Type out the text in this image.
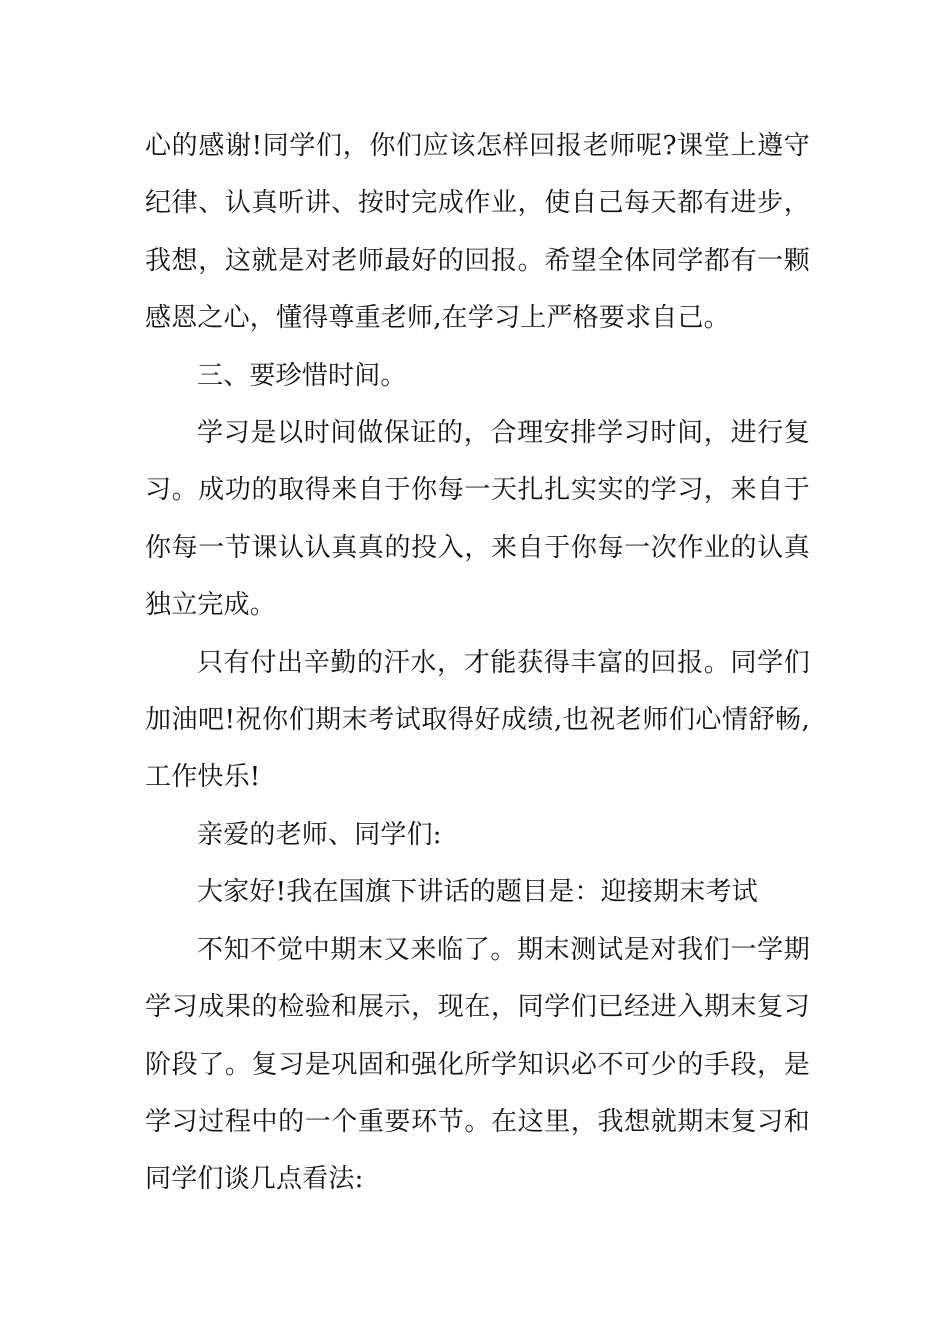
心的感谢!同学们，你们应该怎样回报老师呢?课堂上遵守纪律、认真听讲、按时完成作业，使自己每天都有进步，我想，这就是对老师最好的回报。希望全体同学都有一颗感恩之心，懂得尊重老师,在学习上严格要求自己。

三、要珍惜时间。

学习是以时间做保证的，合理安排学习时间，进行复习。成功的取得来自于你每一天扎扎实实的学习，来自于你每一节课认认真真的投入，来自于你每一次作业的认真独立完成。

只有付出辛勤的汗水，才能获得丰富的回报。同学们加油吧!祝你们期末考试取得好成绩,也祝老师们心情舒畅,工作快乐!

亲爱的老师、同学们:

大家好!我在国旗下讲话的题目是：迎接期末考试

不知不觉中期末又来临了。期末测试是对我们一学期学习成果的检验和展示，现在，同学们已经进入期末复习阶段了。复习是巩固和强化所学知识必不可少的手段，是学习过程中的一个重要环节。在这里，我想就期末复习和同学们谈几点看法:
